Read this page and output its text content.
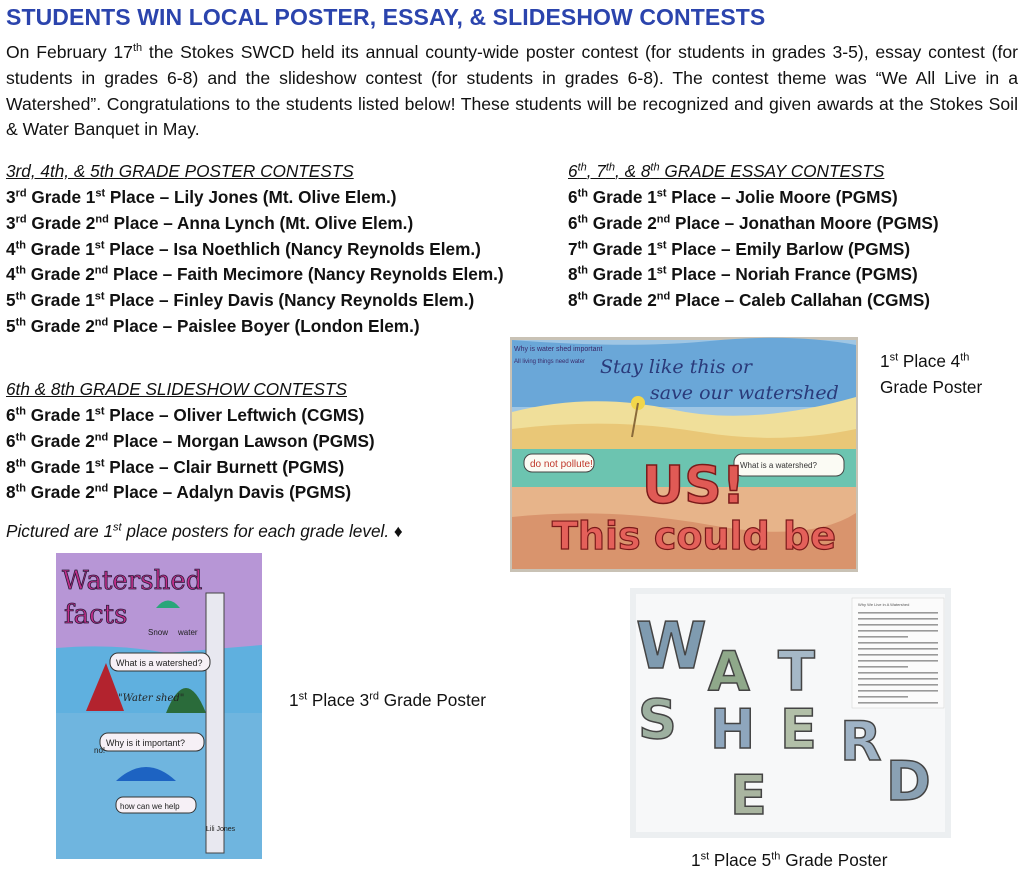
STUDENTS WIN LOCAL POSTER, ESSAY, & SLIDESHOW CONTESTS

On February 17th the Stokes SWCD held its annual county-wide poster contest (for students in grades 3-5), essay contest (for students in grades 6-8) and the slideshow contest (for students in grades 6-8). The contest theme was “We All Live in a Watershed”. Congratulations to the students listed below! These students will be recognized and given awards at the Stokes Soil & Water Banquet in May.

3rd, 4th, & 5th GRADE POSTER CONTESTS
3rd Grade 1st Place – Lily Jones (Mt. Olive Elem.)
3rd Grade 2nd Place – Anna Lynch (Mt. Olive Elem.)
4th Grade 1st Place – Isa Noethlich (Nancy Reynolds Elem.)
4th Grade 2nd Place – Faith Mecimore (Nancy Reynolds Elem.)
5th Grade 1st Place – Finley Davis (Nancy Reynolds Elem.)
5th Grade 2nd Place – Paislee Boyer (London Elem.)
6th, 7th, & 8th GRADE ESSAY CONTESTS
6th Grade 1st Place – Jolie Moore (PGMS)
6th Grade 2nd Place – Jonathan Moore (PGMS)
7th Grade 1st Place – Emily Barlow (PGMS)
8th Grade 1st Place – Noriah France (PGMS)
8th Grade 2nd Place – Caleb Callahan (CGMS)
6th & 8th GRADE SLIDESHOW CONTESTS
6th Grade 1st Place – Oliver Leftwich (CGMS)
6th Grade 2nd Place – Morgan Lawson (PGMS)
8th Grade 1st Place – Clair Burnett (PGMS)
8th Grade 2nd Place – Adalyn Davis (PGMS)
Pictured are 1st place posters for each grade level. ♦
Why is water shed important
All living things need water Stay like this or
save our watershed
do not pollute!	What is a watershed?
US!
This could be
1st Place 4th
Grade Poster
Watershed
facts
Snow water
What is a watershed?
"Water shed"
Why is it important?
no!
how can we help
Lili Jones
1st Place 3rd Grade Poster
Why We Live in A Watershed
W A T
S H E R
E D
1st Place 5th Grade Poster
